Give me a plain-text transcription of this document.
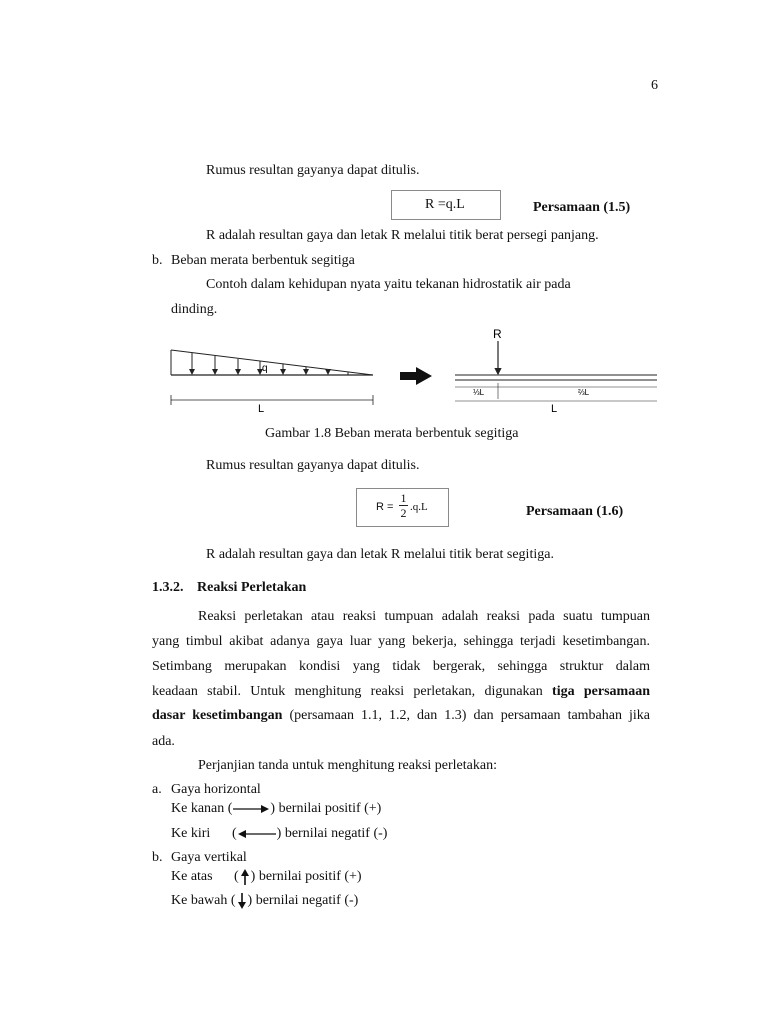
6
Rumus resultan gayanya dapat ditulis.
R =q.L	Persamaan (1.5)
R adalah resultan gaya dan letak R melalui titik berat persegi panjang.
b. Beban merata berbentuk segitiga
Contoh dalam kehidupan nyata yaitu tekanan hidrostatik air pada
dinding.
q
L
R
⅓L	⅔L
L
Gambar 1.8 Beban merata berbentuk segitiga
Rumus resultan gayanya dapat ditulis.
R =
1
2 .q.L	Persamaan (1.6)
R adalah resultan gaya dan letak R melalui titik berat segitiga.
1.3.2. Reaksi Perletakan
Reaksi perletakan atau reaksi tumpuan adalah reaksi pada suatu tumpuan
yang timbul akibat adanya gaya luar yang bekerja, sehingga terjadi kesetimbangan.
Setimbang merupakan kondisi yang tidak bergerak, sehingga struktur dalam
keadaan stabil. Untuk menghitung reaksi perletakan, digunakan tiga persamaan
dasar kesetimbangan (persamaan 1.1, 1.2, dan 1.3) dan persamaan tambahan jika
ada.
Perjanjian tanda untuk menghitung reaksi perletakan:
a. Gaya horizontal
Ke kanan (	) bernilai positif (+)
Ke kiri (	) bernilai negatif (-)
b. Gaya vertikal
Ke atas ( ) bernilai positif (+)
Ke bawah ( ) bernilai negatif (-)
